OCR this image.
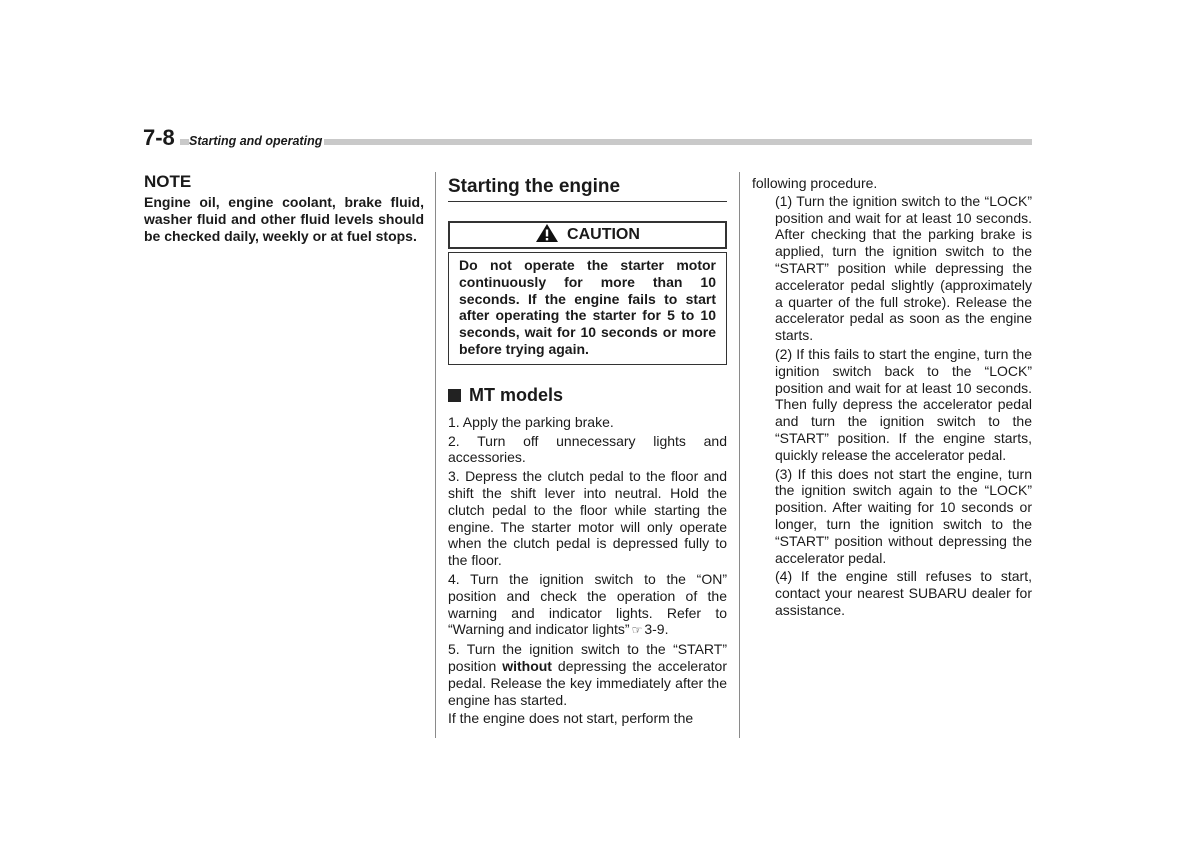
7-8 Starting and operating
NOTE

Engine oil, engine coolant, brake fluid, washer fluid and other fluid levels should be checked daily, weekly or at fuel stops.

Starting the engine
CAUTION
Do not operate the starter motor continuously for more than 10 seconds. If the engine fails to start after operating the starter for 5 to 10 seconds, wait for 10 seconds or more before trying again.
MT models

1. Apply the parking brake.

2. Turn off unnecessary lights and accessories.

3. Depress the clutch pedal to the floor and shift the shift lever into neutral. Hold the clutch pedal to the floor while starting the engine. The starter motor will only operate when the clutch pedal is depressed fully to the floor.

4. Turn the ignition switch to the “ON” position and check the operation of the warning and indicator lights. Refer to “Warning and indicator lights” ☞ 3-9.

5. Turn the ignition switch to the “START” position without depressing the accelerator pedal. Release the key immediately after the engine has started.

If the engine does not start, perform the

following procedure.

(1) Turn the ignition switch to the “LOCK” position and wait for at least 10 seconds. After checking that the parking brake is applied, turn the ignition switch to the “START” position while depressing the accelerator pedal slightly (approximately a quarter of the full stroke). Release the accelerator pedal as soon as the engine starts.

(2) If this fails to start the engine, turn the ignition switch back to the “LOCK” position and wait for at least 10 seconds. Then fully depress the accelerator pedal and turn the ignition switch to the “START” position. If the engine starts, quickly release the accelerator pedal.

(3) If this does not start the engine, turn the ignition switch again to the “LOCK” position. After waiting for 10 seconds or longer, turn the ignition switch to the “START” position without depressing the accelerator pedal.

(4) If the engine still refuses to start, contact your nearest SUBARU dealer for assistance.
